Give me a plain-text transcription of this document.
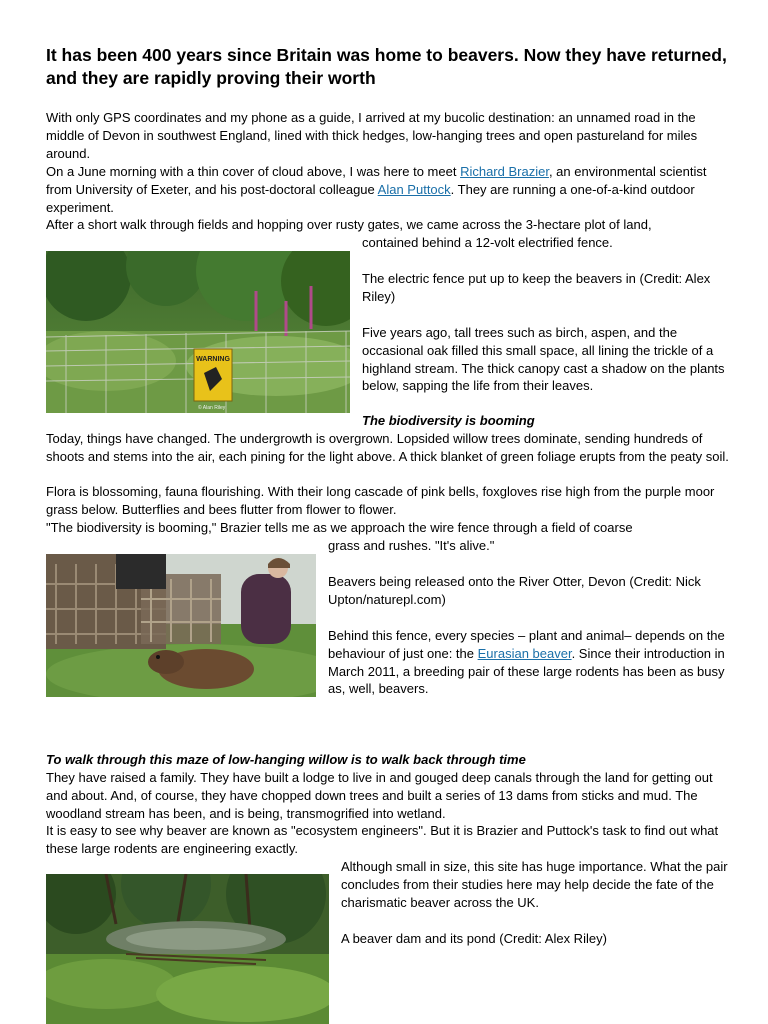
It has been 400 years since Britain was home to beavers. Now they have returned, and they are rapidly proving their worth

With only GPS coordinates and my phone as a guide, I arrived at my bucolic destination: an unnamed road in the middle of Devon in southwest England, lined with thick hedges, low-hanging trees and open pastureland for miles around.

On a June morning with a thin cover of cloud above, I was here to meet Richard Brazier, an environmental scientist from University of Exeter, and his post-doctoral colleague Alan Puttock. They are running a one-of-a-kind outdoor experiment.

After a short walk through fields and hopping over rusty gates, we came across the 3-hectare plot of land,

contained behind a 12-volt electrified fence.

WARNING
© Alan Riley

The electric fence put up to keep the beavers in (Credit: Alex Riley)

Five years ago, tall trees such as birch, aspen, and the occasional oak filled this small space, all lining the trickle of a highland stream. The thick canopy cast a shadow on the plants below, sapping the life from their leaves.

The biodiversity is booming

Today, things have changed. The undergrowth is overgrown. Lopsided willow trees dominate, sending hundreds of shoots and stems into the air, each pining for the light above. A thick blanket of green foliage erupts from the peaty soil.

Flora is blossoming, fauna flourishing. With their long cascade of pink bells, foxgloves rise high from the purple moor grass below. Butterflies and bees flutter from flower to flower.

"The biodiversity is booming," Brazier tells me as we approach the wire fence through a field of coarse

grass and rushes. "It's alive."

Beavers being released onto the River Otter, Devon (Credit: Nick Upton/naturepl.com)

Behind this fence, every species – plant and animal– depends on the behaviour of just one: the Eurasian beaver. Since their introduction in March 2011, a breeding pair of these large rodents has been as busy as, well, beavers.

To walk through this maze of low-hanging willow is to walk back through time

They have raised a family. They have built a lodge to live in and gouged deep canals through the land for getting out and about. And, of course, they have chopped down trees and built a series of 13 dams from sticks and mud. The woodland stream has been, and is being, transmogrified into wetland.

It is easy to see why beaver are known as "ecosystem engineers". But it is Brazier and Puttock's task to find out what these large rodents are engineering exactly.

Although small in size, this site has huge importance. What the pair concludes from their studies here may help decide the fate of the charismatic beaver across the UK.

A beaver dam and its pond (Credit: Alex Riley)
